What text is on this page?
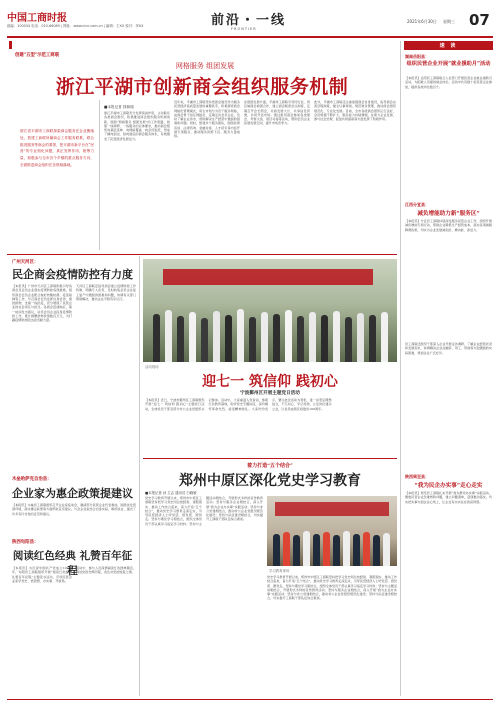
中国工商时报
邮编：100034 电话：010-66089 | 网址：www.cicn.com.cn | 编辑：王XX 校对：李XX	前沿・一线
FRONTIER
2021年6月30日 星期三 07
创建"五型"示范工商联
网格服务 组团发展
浙江平湖市创新商会组织服务机制
浙江省平湖市工商联探索商会服务在企业聚落处，搭建工商联所属商会工作服务联系，联合推进服务等商会的要领，把平湖市新平台在“民营”的专业细化问题，真正发挥作用，统筹力量，积极参与全市各个乡镇的重点服务方向，全面推进商会组织在各领域落地。
■本报记者 钱林瑞
浙江平湖市工商联充分发挥统战作用，主动联系各类商会组织，积极推进商会组织服务机制创新，围绕“网格服务 组团发展”的工作思路，按照一线调研、一线服务的总体要求，推动商会组织向基层延伸、向网格覆盖、向会员贴近，形成了横向到边、纵向到底的商会服务体系，有效激发了民营经济发展活力。
近年来，平湖市工商联坚持把商会建设作为服务民营经济高质量发展的重要抓手，积极探索商会网格化管理模式，将全市划分为若干服务网格，由商会骨干担任网格员，定期走访会员企业，及时了解企业诉求，帮助解决生产经营中遇到的困难和问题。同时，组建多个服务团队，围绕政策宣讲、法律咨询、金融对接、人才招引等内容开展专项服务，推动服务资源下沉、服务力量前移。
在组团发展方面，平湖市工商联引导同行业、同区域商会抱团合作，建立商会联席会议制度，定期召开会长例会，共商发展大计，共享信息资源，共同开拓市场。通过组织商会参加各类展会、考察交流、项目对接等活动，帮助会员企业拓展发展空间，提升市场竞争力。
此外，平湖市工商联还注重加强商会自身建设，指导商会完善章程制度，健全议事规则，规范财务管理，推动商会组织规范化、专业化发展。目前，全市各级商会组织运行良好，会员规模不断扩大，服务能力持续增强，在助力企业发展、参与社会治理、促进共同富裕等方面发挥了积极作用。
广州天河区：
民企商会疫情防控有力度
【本报讯】广州市天河区工商联积极引导各商会及会员企业落实疫情防控各项措施，组织商会会员企业配合做好核酸检测、疫苗接种等工作，号召商会会员发挥自身优势，捐款捐物，支援一线抗疫，充分展现了民营企业的社会责任与担当。各商会迅速响应，第一时间发出倡议，动员会员企业投身疫情防控工作，累计捐赠款物价值数百万元，为打赢疫情防控阻击战贡献力量。
天河区工商联还指导商会建立疫情防控工作机制，明确专人负责，及时收集会员企业复工复产中遇到的困难和问题，协调有关部门帮助解决，推动企业平稳有序运行。
木垒哈萨克自治县：
企业家为惠企政策提建议
【本报讯】木垒县工商联组织召开企业家座谈会，邀请部分民营企业代表参加，围绕优化营商环境、落实惠企政策等方面听取意见建议。与会企业家结合自身实际，畅所欲言，提出了许多有针对性的意见和建议。
陕西旬阳县：
阅读红色经典 礼赞百年征程
【本报讯】为庆祝中国共产党成立100周年，旬阳县工商联组织开展“阅读红色经典 礼赞百年征程”主题读书活动，引导民营企业家学党史、悟思想、办实事、开新局。
活动中，参与人员深情诵读红色经典篇章，讲述党的光辉历程，表达对党的热爱之情。
活动现场
迎七一 筑信仰 践初心
宁波鄞州区开展主题党日活动
【本报讯】近日，宁波市鄞州区工商联组织开展“迎七一 筑信仰 践初心”主题党日活动，全体党员干部及部分非公企业党组织书记参加。活动中，大家重温入党誓词，参观红色教育基地，聆听党史专题讲座，深切缅怀革命先烈，接受精神洗礼。大家纷纷表示，要以此次活动为契机，进一步坚定理想信念，不忘初心、牢记使命，立足岗位建功立业，以优异成绩庆祝建党100周年。
着力打造“五个结合”
郑州中原区深化党史学习教育
■本报记者 孙 立志 通讯员 白晓敏
党史学习教育开展以来，郑州市中原区工商联坚持把学习党史同总结经验、观照现实、推动工作结合起来，着力打造“五个结合”，推动党史学习教育走深走实，引导民营经济人士听党话、感党恩、跟党走。坚持与理论学习相结合，组织全体党员干部认真学习指定学习材料；坚持与主题活动相结合，开展形式多样的宣传教育活动；坚持与服务企业相结合，深入开展“我为企业办实事”实践活动；坚持与非公党建相结合，推动非公企业党组织规范化建设；坚持与队伍建设相结合，切实提升工商联干部队伍综合素质。
学习教育现场
党史学习教育开展以来，郑州市中原区工商联坚持把学习党史同总结经验、观照现实、推动工作结合起来，着力打造“五个结合”，推动党史学习教育走深走实，引导民营经济人士听党话、感党恩、跟党走。坚持与理论学习相结合，组织全体党员干部认真学习指定学习材料；坚持与主题活动相结合，开展形式多样的宣传教育活动；坚持与服务企业相结合，深入开展“我为企业办实事”实践活动；坚持与非公党建相结合，推动非公企业党组织规范化建设；坚持与队伍建设相结合，切实提升工商联干部队伍综合素质。
速 读
湖南岳阳县：
组织民营企业开展“就业援助月”活动
【本报讯】岳阳县工商联联合人社部门开展民营企业就业援助月活动，为困难人员提供就业岗位。活动中共有数十家民营企业参加，提供各类岗位数百个。
江西分宜县：
减负增能助力新“服务区”
【本报讯】分宜县工商联持续深化服务民营企业工作，组织开展减负增能专项行动，帮助企业降低生产经营成本，落实各项减税降费政策，切实为企业发展减负担、增动能、添活力。
县工商联还组织干部深入企业开展走访调研，了解企业经营状况和发展需求，协调解决企业在融资、用工、用地等方面遇到的实际困难，得到企业广泛好评。
陕西周至县：
“我为民企办实事”走心走实
【本报讯】周至县工商联扎实开展“我为群众办实事”实践活动，聚焦民营企业急难愁盼问题，建立问题清单，逐项推动落实，切实把实事办到企业心坎上，让企业有实实在在的获得感。
